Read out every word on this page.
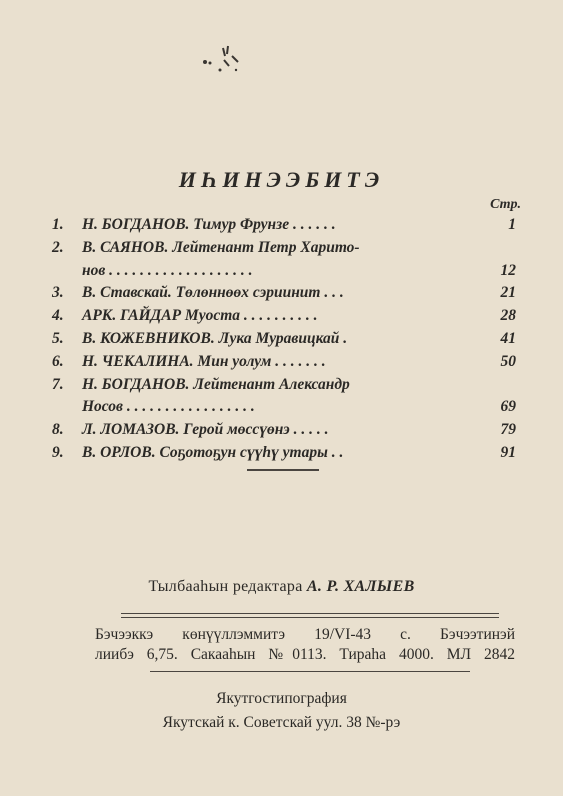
ИҺИНЭЭБИТЭ
Стр.
1. Н. БОГДАНОВ. Тимур Фрунзе . . . . . .	1
2. В. САЯНОВ. Лейтенант Петр Харито-
нов . . . . . . . . . . . . . . . . . . .	12
3. В. Ставскай. Төлөннөөх сэриинит . . .	21
4. АРК. ГАЙДАР Муоста . . . . . . . . . .	28
5. В. КОЖЕВНИКОВ. Лука Муравицкай .	41
6. Н. ЧЕКАЛИНА. Мин уолум . . . . . . .	50
7. Н. БОГДАНОВ. Лейтенант Александр
Носов . . . . . . . . . . . . . . . . .	69
8. Л. ЛОМАЗОВ. Герой мөссүөнэ . . . . .	79
9. В. ОРЛОВ. Соҕотоҕун сүүһү утары . .	91
Тылбааһын редактара А. Р. ХАЛЫЕВ
Бэчээккэ көнүүллэммитэ 19/VI-43 с. Бэчээтинэй
лиибэ 6,75. Сакааһын №0113. Тираһа 4000. МЛ 2842
Якутгостипография
Якутскай к. Советскай уул. 38 №-рэ
